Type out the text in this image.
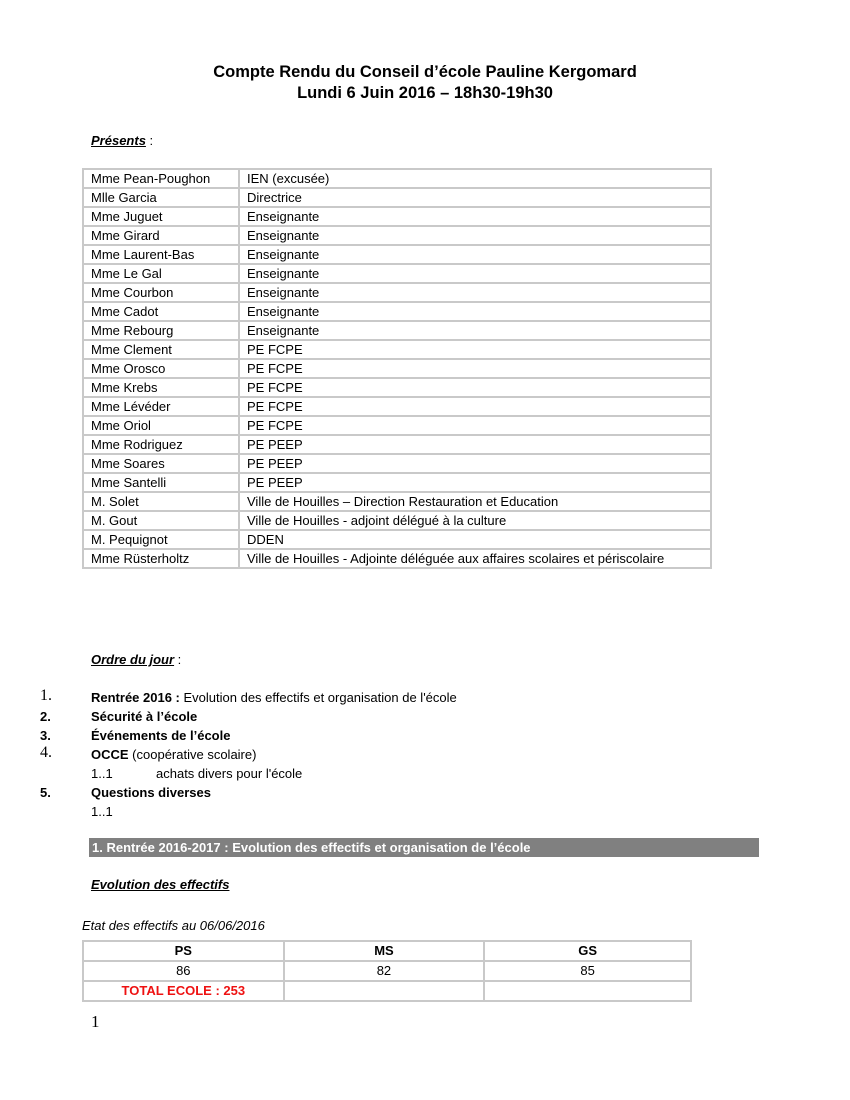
Compte Rendu du Conseil d’école Pauline Kergomard
Lundi 6 Juin 2016 – 18h30-19h30
Présents :
Mme Pean-Poughon	IEN (excusée)
Mlle Garcia	Directrice
Mme Juguet	Enseignante
Mme Girard	Enseignante
Mme Laurent-Bas	Enseignante
Mme Le Gal	Enseignante
Mme Courbon	Enseignante
Mme Cadot	Enseignante
Mme Rebourg	Enseignante
Mme Clement	PE FCPE
Mme Orosco	PE FCPE
Mme Krebs	PE FCPE
Mme Lévéder	PE FCPE
Mme Oriol	PE FCPE
Mme Rodriguez	PE PEEP
Mme Soares	PE PEEP
Mme Santelli	PE PEEP
M. Solet	Ville de Houilles – Direction Restauration et Education
M. Gout	Ville de Houilles - adjoint délégué à la culture
M. Pequignot	DDEN
Mme Rüsterholtz	Ville de Houilles - Adjointe déléguée aux affaires scolaires et périscolaire
Ordre du jour :
1.	Rentrée 2016 : Evolution des effectifs et organisation de l'école
2.	Sécurité à l’école
3.	Événements de l’école
4.	OCCE (coopérative scolaire)
1..1	achats divers pour l'école
5.	Questions diverses
1..1
1. Rentrée 2016-2017 : Evolution des effectifs et organisation de l’école
Evolution des effectifs
Etat des effectifs au 06/06/2016
PS	MS	GS
86	82	85
TOTAL ECOLE : 253		
1
